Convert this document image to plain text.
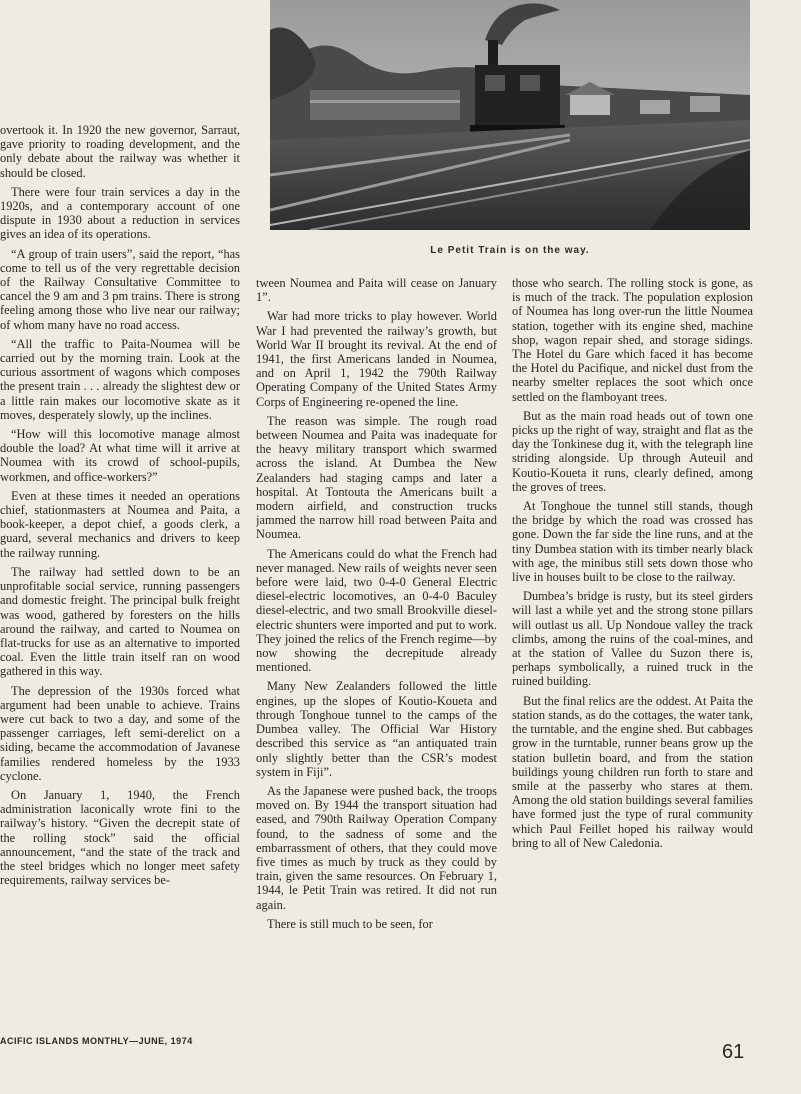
Le Petit Train is on the way.

overtook it. In 1920 the new governor, Sarraut, gave priority to roading development, and the only debate about the railway was whether it should be closed.

There were four train services a day in the 1920s, and a contemporary account of one dispute in 1930 about a reduction in services gives an idea of its operations.

“A group of train users”, said the report, “has come to tell us of the very regrettable decision of the Railway Consultative Committee to cancel the 9 am and 3 pm trains. There is strong feeling among those who live near our railway; of whom many have no road access.

“All the traffic to Paita-Noumea will be carried out by the morning train. Look at the curious assortment of wagons which composes the present train . . . already the slightest dew or a little rain makes our locomotive skate as it moves, desperately slowly, up the inclines.

“How will this locomotive manage almost double the load? At what time will it arrive at Noumea with its crowd of school-pupils, workmen, and office-workers?”

Even at these times it needed an operations chief, stationmasters at Noumea and Paita, a book-keeper, a depot chief, a goods clerk, a guard, several mechanics and drivers to keep the railway running.

The railway had settled down to be an unprofitable social service, running passengers and domestic freight. The principal bulk freight was wood, gathered by foresters on the hills around the railway, and carted to Noumea on flat-trucks for use as an alternative to imported coal. Even the little train itself ran on wood gathered in this way.

The depression of the 1930s forced what argument had been unable to achieve. Trains were cut back to two a day, and some of the passenger carriages, left semi-derelict on a siding, became the accommodation of Javanese families rendered homeless by the 1933 cyclone.

On January 1, 1940, the French administration laconically wrote fini to the railway’s history. “Given the decrepit state of the rolling stock” said the official announcement, “and the state of the track and the steel bridges which no longer meet safety requirements, railway services be-

tween Noumea and Paita will cease on January 1”.

War had more tricks to play however. World War I had prevented the railway’s growth, but World War II brought its revival. At the end of 1941, the first Americans landed in Noumea, and on April 1, 1942 the 790th Railway Operating Company of the United States Army Corps of Engineering re-opened the line.

The reason was simple. The rough road between Noumea and Paita was inadequate for the heavy military transport which swarmed across the island. At Dumbea the New Zealanders had staging camps and later a hospital. At Tontouta the Americans built a modern airfield, and construction trucks jammed the narrow hill road between Paita and Noumea.

The Americans could do what the French had never managed. New rails of weights never seen before were laid, two 0-4-0 General Electric diesel-electric locomotives, an 0-4-0 Baculey diesel-electric, and two small Brookville diesel-electric shunters were imported and put to work. They joined the relics of the French regime—by now showing the decrepitude already mentioned.

Many New Zealanders followed the little engines, up the slopes of Koutio-Koueta and through Tonghoue tunnel to the camps of the Dumbea valley. The Official War History described this service as “an antiquated train only slightly better than the CSR’s modest system in Fiji”.

As the Japanese were pushed back, the troops moved on. By 1944 the transport situation had eased, and 790th Railway Operation Company found, to the sadness of some and the embarrassment of others, that they could move five times as much by truck as they could by train, given the same resources. On February 1, 1944, le Petit Train was retired. It did not run again.

There is still much to be seen, for

those who search. The rolling stock is gone, as is much of the track. The population explosion of Noumea has long over-run the little Noumea station, together with its engine shed, machine shop, wagon repair shed, and storage sidings. The Hotel du Gare which faced it has become the Hotel du Pacifique, and nickel dust from the nearby smelter replaces the soot which once settled on the flamboyant trees.

But as the main road heads out of town one picks up the right of way, straight and flat as the day the Tonkinese dug it, with the telegraph line striding alongside. Up through Auteuil and Koutio-Koueta it runs, clearly defined, among the groves of trees.

At Tonghoue the tunnel still stands, though the bridge by which the road was crossed has gone. Down the far side the line runs, and at the tiny Dumbea station with its timber nearly black with age, the minibus still sets down those who live in houses built to be close to the railway.

Dumbea’s bridge is rusty, but its steel girders will last a while yet and the strong stone pillars will outlast us all. Up Nondoue valley the track climbs, among the ruins of the coal-mines, and at the station of Vallee du Suzon there is, perhaps symbolically, a ruined truck in the ruined building.

But the final relics are the oddest. At Paita the station stands, as do the cottages, the water tank, the turntable, and the engine shed. But cabbages grow in the turntable, runner beans grow up the station bulletin board, and from the station buildings young children run forth to stare and smile at the passerby who stares at them. Among the old station buildings several families have formed just the type of rural community which Paul Feillet hoped his railway would bring to all of New Caledonia.

ACIFIC ISLANDS MONTHLY—JUNE, 1974	61
